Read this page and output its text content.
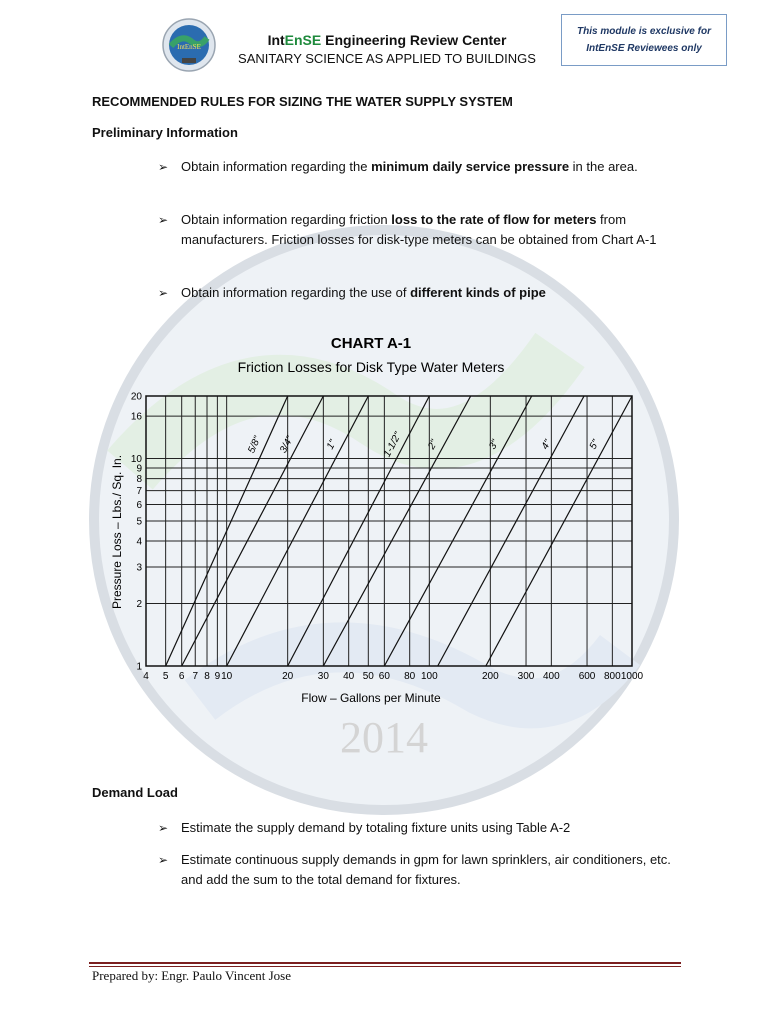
2014
IntEnSE	IntEnSE Engineering Review Center
SANITARY SCIENCE AS APPLIED TO BUILDINGS
This module is exclusive for
IntEnSE Reviewees only
RECOMMENDED RULES FOR SIZING THE WATER SUPPLY SYSTEM
Preliminary Information
➢ Obtain information regarding the minimum daily service pressure in the area.
➢ Obtain information regarding friction loss to the rate of flow for meters from manufacturers. Friction losses for disk-type meters can be obtained from Chart A-1
➢ Obtain information regarding the use of different kinds of pipe
CHART A-1
Friction Losses for Disk Type Water Meters
Flow – Gallons per Minute
Pressure Loss – Lbs./ Sq. In.
4 5 6 7 8 9 10	20 30 40 50 60 80 100	200 300 400 600 800 1000
1
2
3
4
5
6
7
8
9
10
16
20
5/8" 3/4"	1"	1-1/2" 2"	3"	4"	5"
Demand Load
➢ Estimate the supply demand by totaling fixture units using Table A-2
➢ Estimate continuous supply demands in gpm for lawn sprinklers, air conditioners, etc. and add the sum to the total demand for fixtures.
Prepared by: Engr. Paulo Vincent Jose
